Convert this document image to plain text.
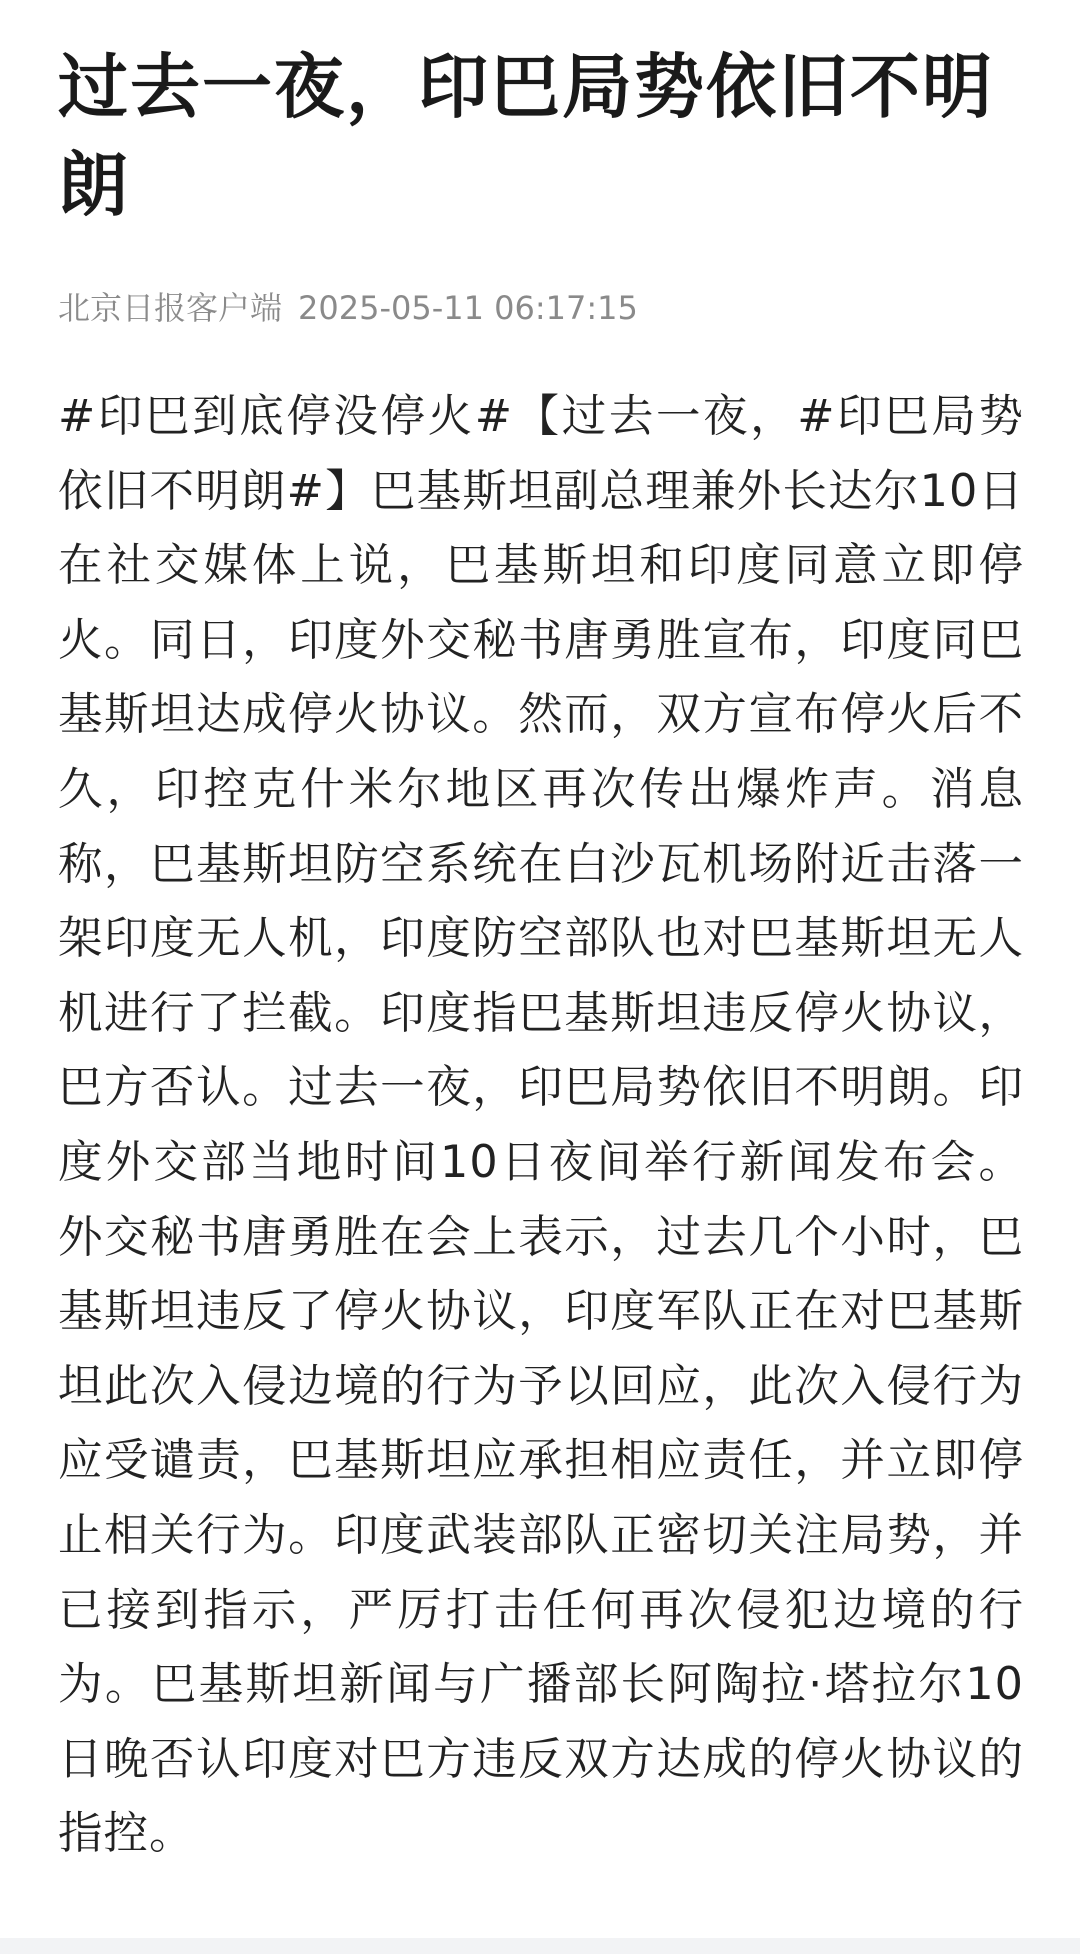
过去一夜，印巴局势依旧不明朗
北京日报客户端 2025-05-11 06:17:15
#印巴到底停没停火#【过去一夜，#印巴局势依旧不明朗#】巴基斯坦副总理兼外长达尔10日在社交媒体上说，巴基斯坦和印度同意立即停火。同日，印度外交秘书唐勇胜宣布，印度同巴基斯坦达成停火协议。然而，双方宣布停火后不久，印控克什米尔地区再次传出爆炸声。消息称，巴基斯坦防空系统在白沙瓦机场附近击落一架印度无人机，印度防空部队也对巴基斯坦无人机进行了拦截。印度指巴基斯坦违反停火协议，巴方否认。过去一夜，印巴局势依旧不明朗。印度外交部当地时间10日夜间举行新闻发布会。外交秘书唐勇胜在会上表示，过去几个小时，巴基斯坦违反了停火协议，印度军队正在对巴基斯坦此次入侵边境的行为予以回应，此次入侵行为应受谴责，巴基斯坦应承担相应责任，并立即停止相关行为。印度武装部队正密切关注局势，并已接到指示，严厉打击任何再次侵犯边境的行为。巴基斯坦新闻与广播部长阿陶拉·塔拉尔10日晚否认印度对巴方违反双方达成的停火协议的指控。
